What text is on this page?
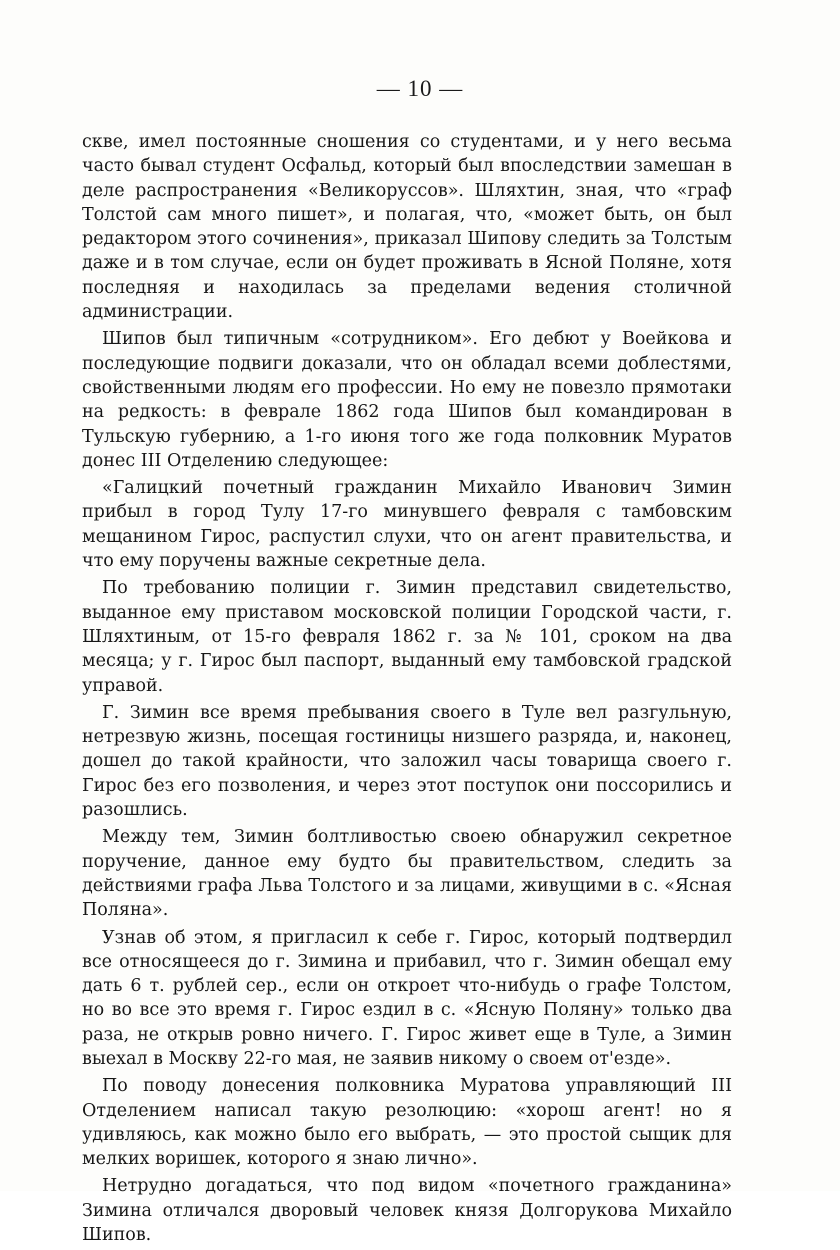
— 10 —

скве, имел постоянные сношения со студентами, и у него весьма часто бывал студент Осфальд, который был впоследствии замешан в деле распространения «Великоруссов». Шляхтин, зная, что «граф Толстой сам много пишет», и полагая, что, «может быть, он был редактором этого сочинения», приказал Шипову следить за Толстым даже и в том случае, если он будет проживать в Ясной Поляне, хотя последняя и находилась за пределами ведения столичной администрации.

Шипов был типичным «сотрудником». Его дебют у Воейкова и последующие подвиги доказали, что он обладал всеми доблестями, свойственными людям его профессии. Но ему не повезло прямотаки на редкость: в феврале 1862 года Шипов был командирован в Тульскую губернию, а 1-го июня того же года полковник Муратов донес III Отделению следующее:

«Галицкий почетный гражданин Михайло Иванович Зимин прибыл в город Тулу 17-го минувшего февраля с тамбовским мещанином Гирос, распустил слухи, что он агент правительства, и что ему поручены важные секретные дела.

По требованию полиции г. Зимин представил свидетельство, выданное ему приставом московской полиции Городской части, г. Шляхтиным, от 15-го февраля 1862 г. за № 101, сроком на два месяца; у г. Гирос был паспорт, выданный ему тамбовской градской управой.

Г. Зимин все время пребывания своего в Туле вел разгульную, нетрезвую жизнь, посещая гостиницы низшего разряда, и, наконец, дошел до такой крайности, что заложил часы товарища своего г. Гирос без его позволения, и через этот поступок они поссорились и разошлись.

Между тем, Зимин болтливостью своею обнаружил секретное поручение, данное ему будто бы правительством, следить за действиями графа Льва Толстого и за лицами, живущими в с. «Ясная Поляна».

Узнав об этом, я пригласил к себе г. Гирос, который подтвердил все относящееся до г. Зимина и прибавил, что г. Зимин обещал ему дать 6 т. рублей сер., если он откроет что-нибудь о графе Толстом, но во все это время г. Гирос ездил в с. «Ясную Поляну» только два раза, не открыв ровно ничего. Г. Гирос живет еще в Туле, а Зимин выехал в Москву 22-го мая, не заявив никому о своем от'езде».

По поводу донесения полковника Муратова управляющий III Отделением написал такую резолюцию: «хорош агент! но я удивляюсь, как можно было его выбрать, — это простой сыщик для мелких воришек, которого я знаю лично».

Нетрудно догадаться, что под видом «почетного гражданина» Зимина отличался дворовый человек князя Долгорукова Михайло Шипов.
